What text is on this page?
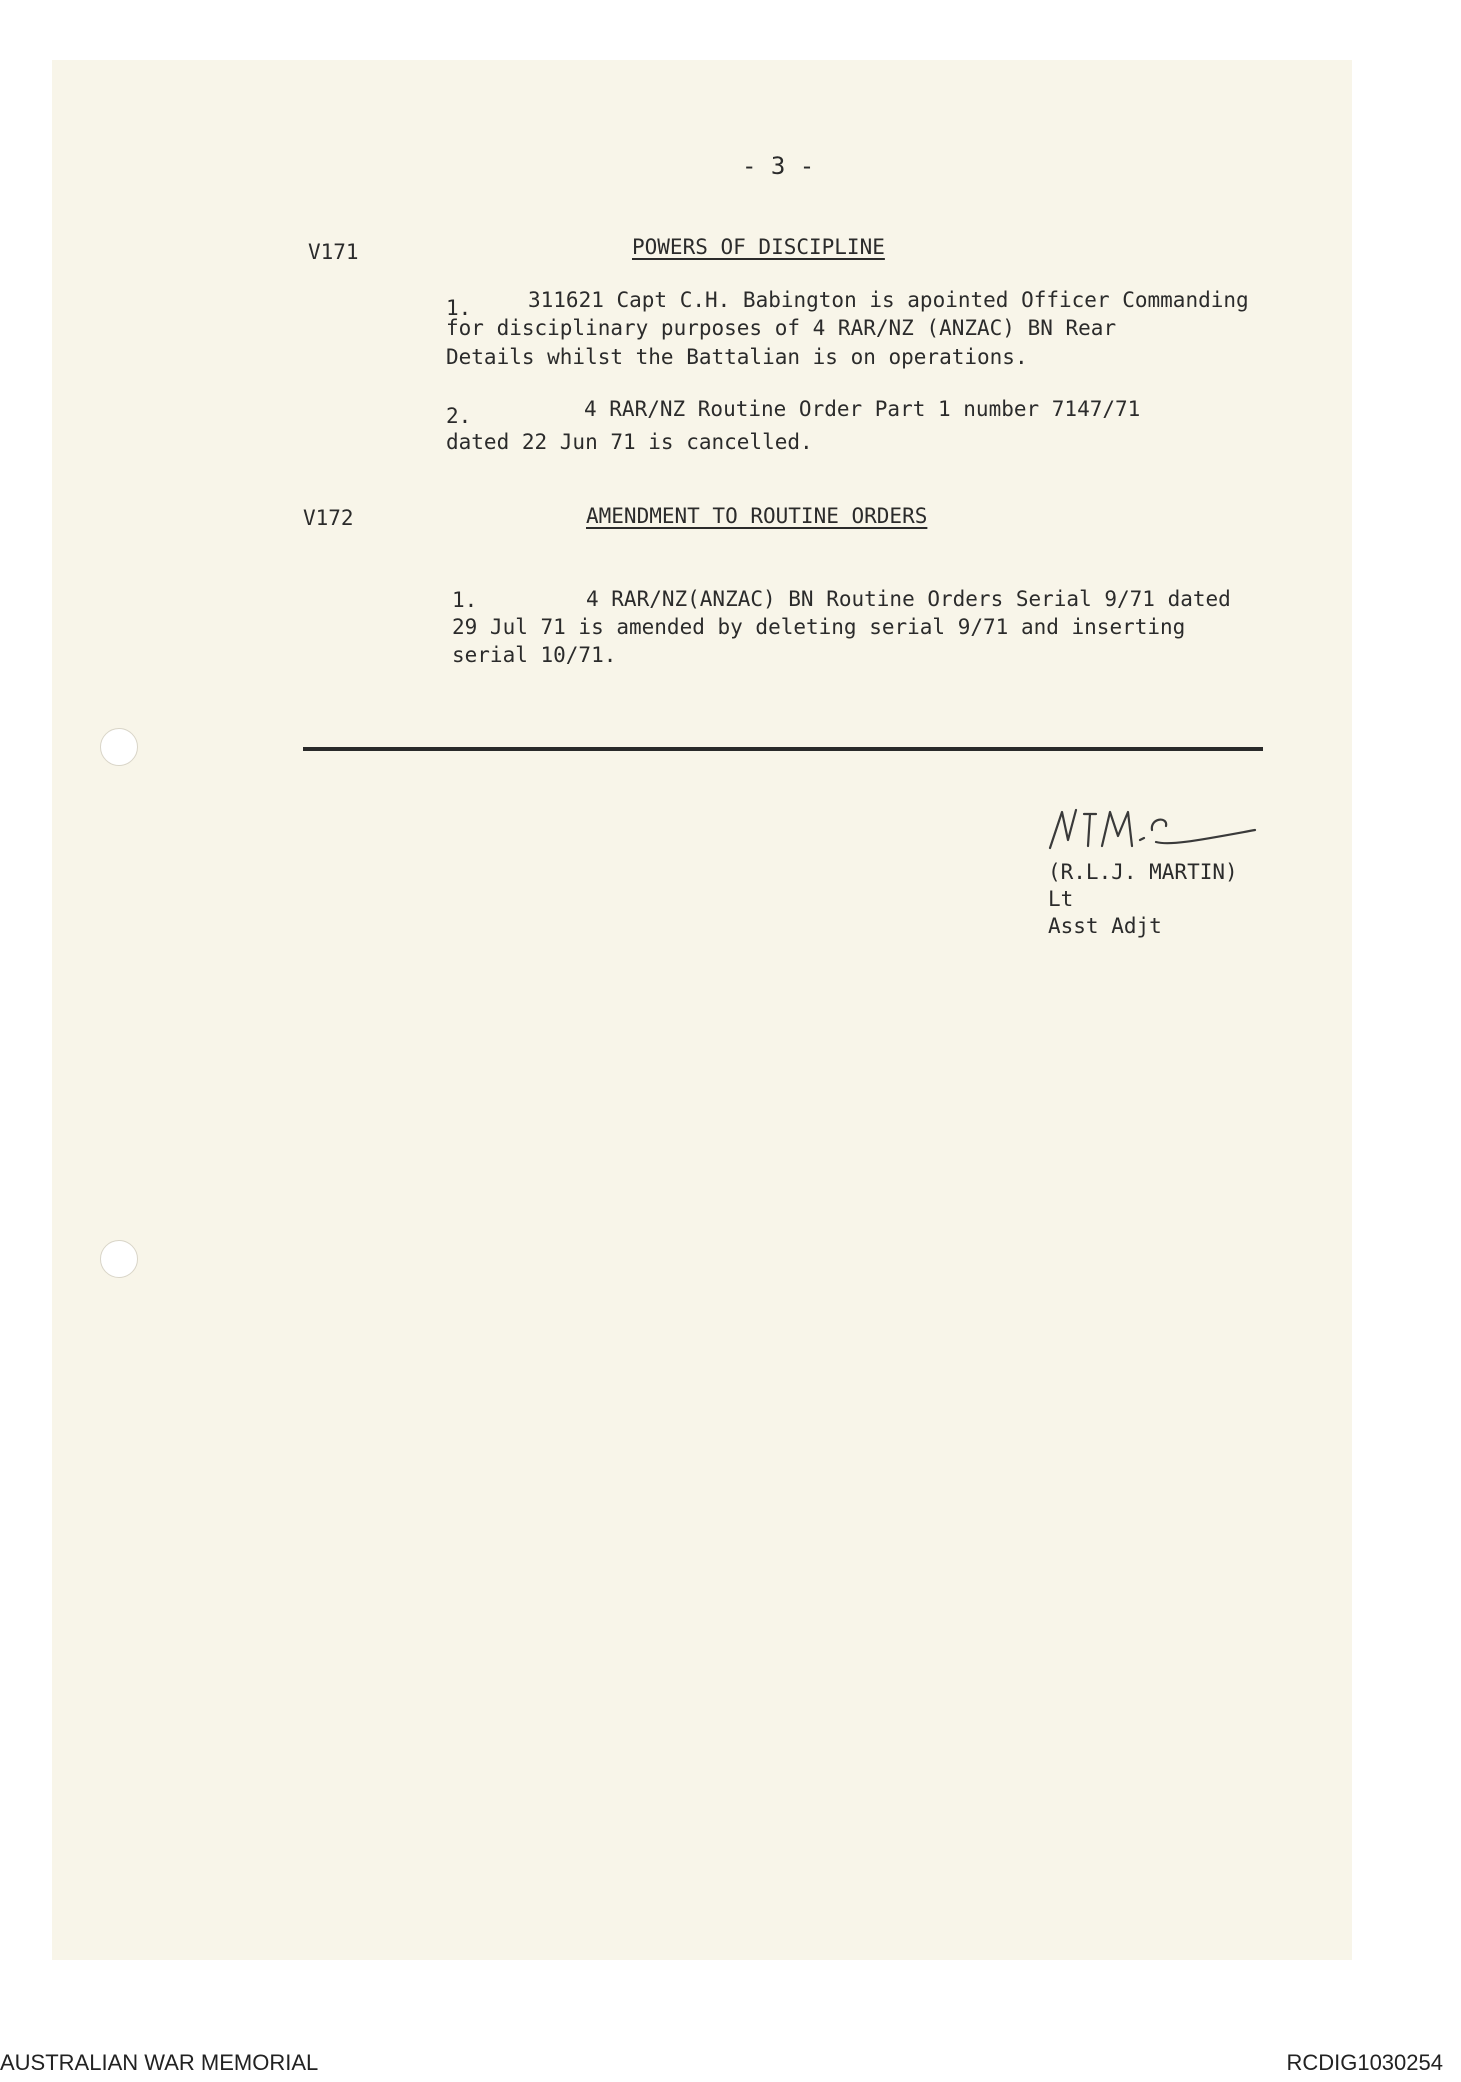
- 3 -
V171	POWERS OF DISCIPLINE
1.	311621 Capt C.H. Babington is apointed Officer Commanding
for disciplinary purposes of 4 RAR/NZ (ANZAC) BN Rear
Details whilst the Battalian is on operations.
2.	4 RAR/NZ Routine Order Part 1 number 7147/71
dated 22 Jun 71 is cancelled.
V172	AMENDMENT TO ROUTINE ORDERS
1.	4 RAR/NZ(ANZAC) BN Routine Orders Serial 9/71 dated
29 Jul 71 is amended by deleting serial 9/71 and inserting
serial 10/71.
(R.L.J. MARTIN)
Lt
Asst Adjt
AUSTRALIAN WAR MEMORIAL	RCDIG1030254
